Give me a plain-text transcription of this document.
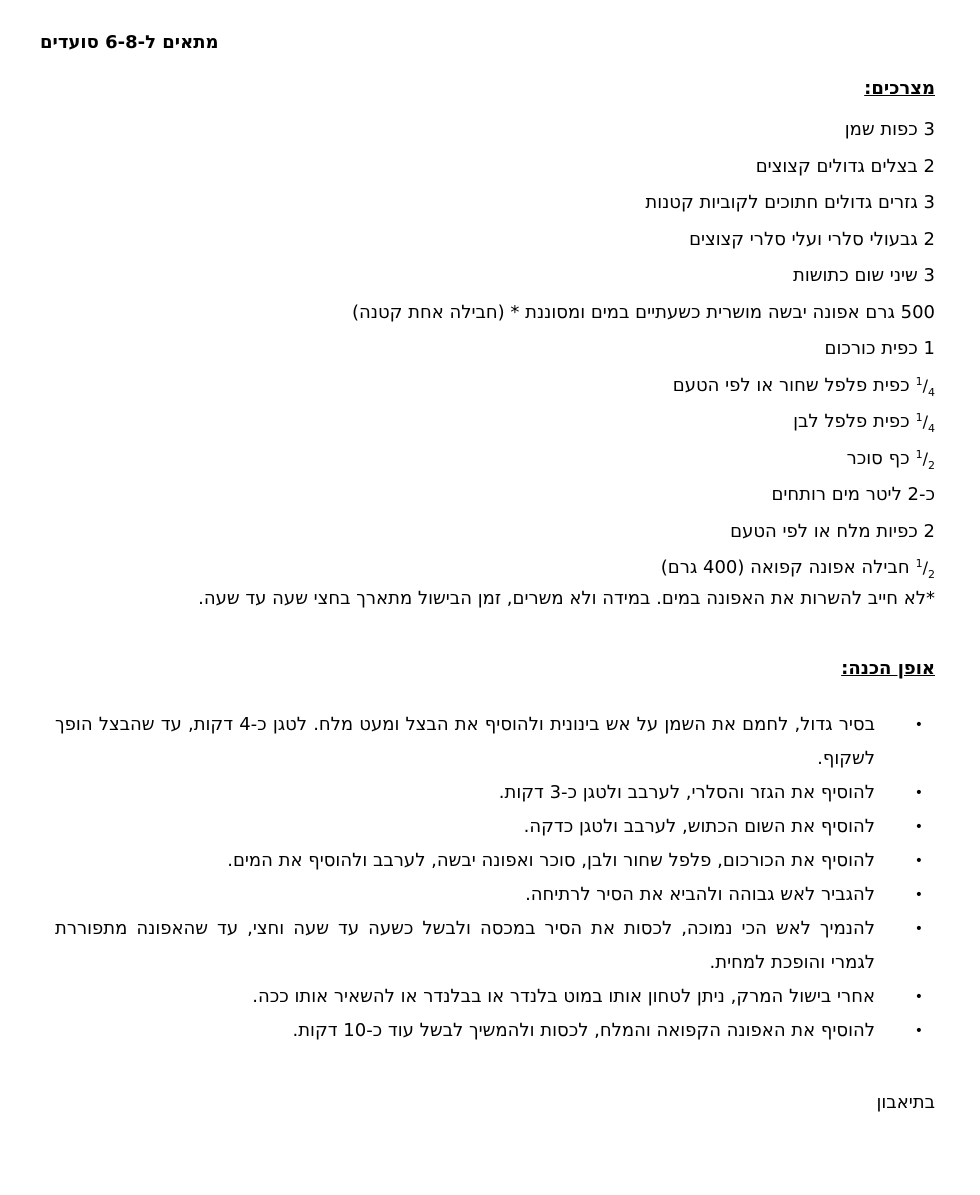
מתאים ל-6-8 סועדים

מצרכים:
3 כפות שמן
2 בצלים גדולים קצוצים
3 גזרים גדולים חתוכים לקוביות קטנות
2 גבעולי סלרי ועלי סלרי קצוצים
3 שיני שום כתושות
500 גרם אפונה יבשה מושרית כשעתיים במים ומסוננת * (חבילה אחת קטנה)
1 כפית כורכום
$^1/_4כפית$ פלפל שחור או לפי הטעם
$^1/_4כפית$ פלפל לבן
$^1/_2כף$ סוכר
כ-2 ליטר מים רותחים
2 כפיות מלח או לפי הטעם
$^1/_2חבילה$ אפונה קפואה (400 גרם)

*לא חייב להשרות את האפונה במים. במידה ולא משרים, זמן הבישול מתארך בחצי שעה עד שעה.

אופן הכנה:
•
בסיר גדול, לחמם את השמן על אש בינונית ולהוסיף את הבצל ומעט מלח. לטגן כ-4 דקות, עד שהבצל הופך לשקוף.
•
להוסיף את הגזר והסלרי, לערבב ולטגן כ-3 דקות.
•
להוסיף את השום הכתוש, לערבב ולטגן כדקה.
•
להוסיף את הכורכום, פלפל שחור ולבן, סוכר ואפונה יבשה, לערבב ולהוסיף את המים.
•
להגביר לאש גבוהה ולהביא את הסיר לרתיחה.
•
להנמיך לאש הכי נמוכה, לכסות את הסיר במכסה ולבשל כשעה עד שעה וחצי, עד שהאפונה מתפוררת לגמרי והופכת למחית.
•
אחרי בישול המרק, ניתן לטחון אותו במוט בלנדר או בבלנדר או להשאיר אותו ככה.
•
להוסיף את האפונה הקפואה והמלח, לכסות ולהמשיך לבשל עוד כ-10 דקות.

בתיאבון
